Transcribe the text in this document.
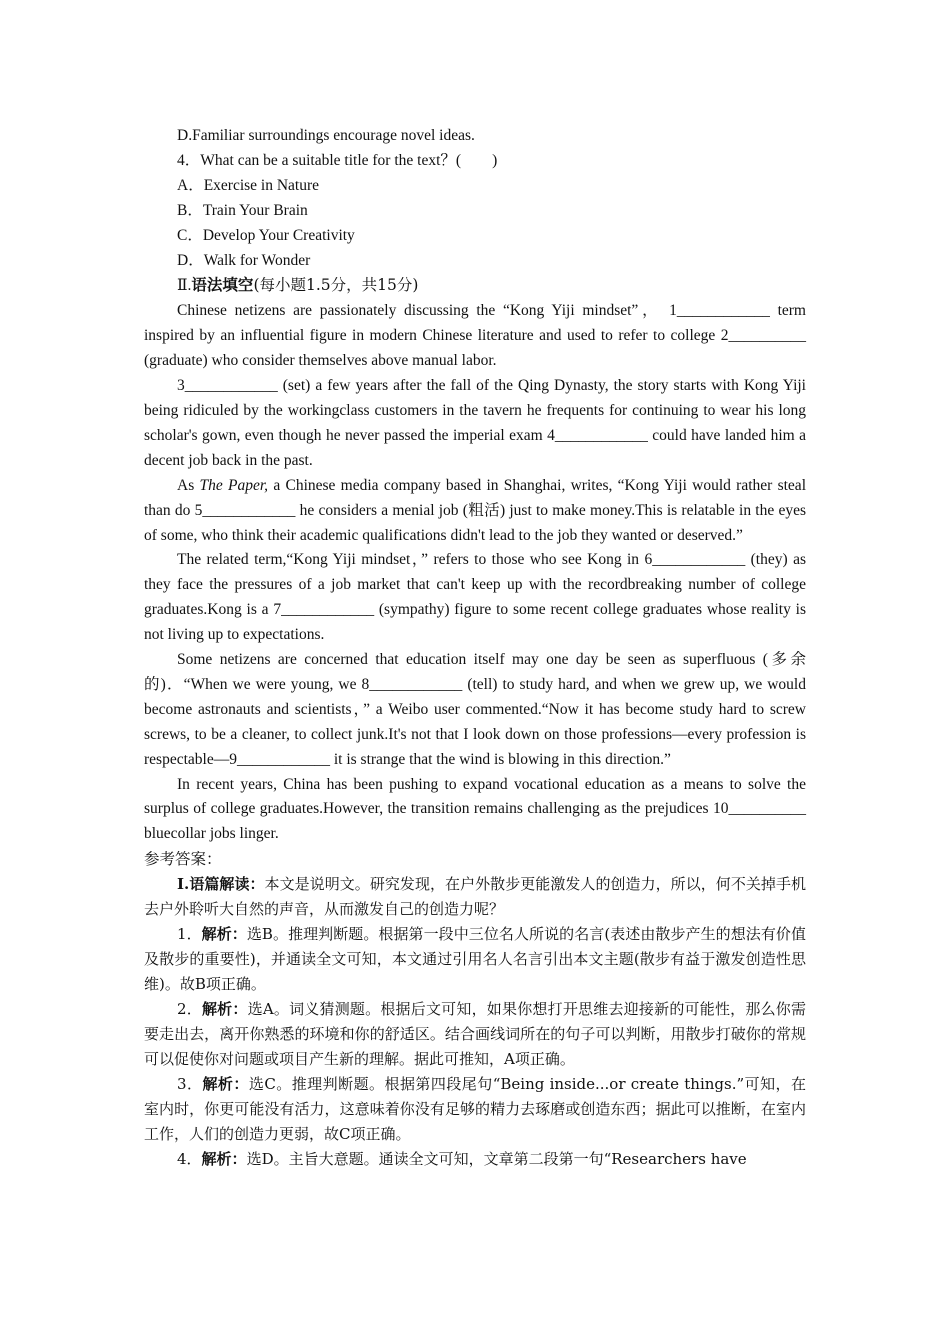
D.Familiar surroundings encourage novel ideas.

4．What can be a suitable title for the text？(　　)

A．Exercise in Nature

B．Train Your Brain

C．Develop Your Creativity

D．Walk for Wonder

Ⅱ.语法填空(每小题1.5分，共15分)

Chinese netizens are passionately discussing the “Kong Yiji mindset”， 1____________ term inspired by an influential figure in modern Chinese literature and used to refer to college 2__________ (graduate) who consider themselves above manual labor.

3____________ (set) a few years after the fall of the Qing Dynasty, the story starts with Kong Yiji being ridiculed by the workingclass customers in the tavern he frequents for continuing to wear his long scholar's gown, even though he never passed the imperial exam 4____________ could have landed him a decent job back in the past.

As The Paper, a Chinese media company based in Shanghai, writes, “Kong Yiji would rather steal than do 5____________ he considers a menial job (粗活) just to make money.This is relatable in the eyes of some, who think their academic qualifications didn't lead to the job they wanted or deserved.”

The related term,“Kong Yiji mindset，” refers to those who see Kong in 6____________ (they) as they face the pressures of a job market that can't keep up with the recordbreaking number of college graduates.Kong is a 7____________ (sympathy) figure to some recent college graduates whose reality is not living up to expectations.

Some netizens are concerned that education itself may one day be seen as superfluous (多余的)．“When we were young, we 8____________ (tell) to study hard, and when we grew up, we would become astronauts and scientists，” a Weibo user commented.“Now it has become study hard to screw screws, to be a cleaner, to collect junk.It's not that I look down on those professions—every profession is respectable—9____________ it is strange that the wind is blowing in this direction.”

In recent years, China has been pushing to expand vocational education as a means to solve the surplus of college graduates.However, the transition remains challenging as the prejudices 10__________ bluecollar jobs linger.

参考答案：

Ⅰ.语篇解读：本文是说明文。研究发现，在户外散步更能激发人的创造力，所以，何不关掉手机去户外聆听大自然的声音，从而激发自己的创造力呢？

1．解析：选B。推理判断题。根据第一段中三位名人所说的名言(表述由散步产生的想法有价值及散步的重要性)，并通读全文可知，本文通过引用名人名言引出本文主题(散步有益于激发创造性思维)。故B项正确。

2．解析：选A。词义猜测题。根据后文可知，如果你想打开思维去迎接新的可能性，那么你需要走出去，离开你熟悉的环境和你的舒适区。结合画线词所在的句子可以判断，用散步打破你的常规可以促使你对问题或项目产生新的理解。据此可推知，A项正确。

3．解析：选C。推理判断题。根据第四段尾句“Being inside...or create things.”可知，在室内时，你更可能没有活力，这意味着你没有足够的精力去琢磨或创造东西；据此可以推断，在室内工作，人们的创造力更弱，故C项正确。

4．解析：选D。主旨大意题。通读全文可知，文章第二段第一句“Researchers have
